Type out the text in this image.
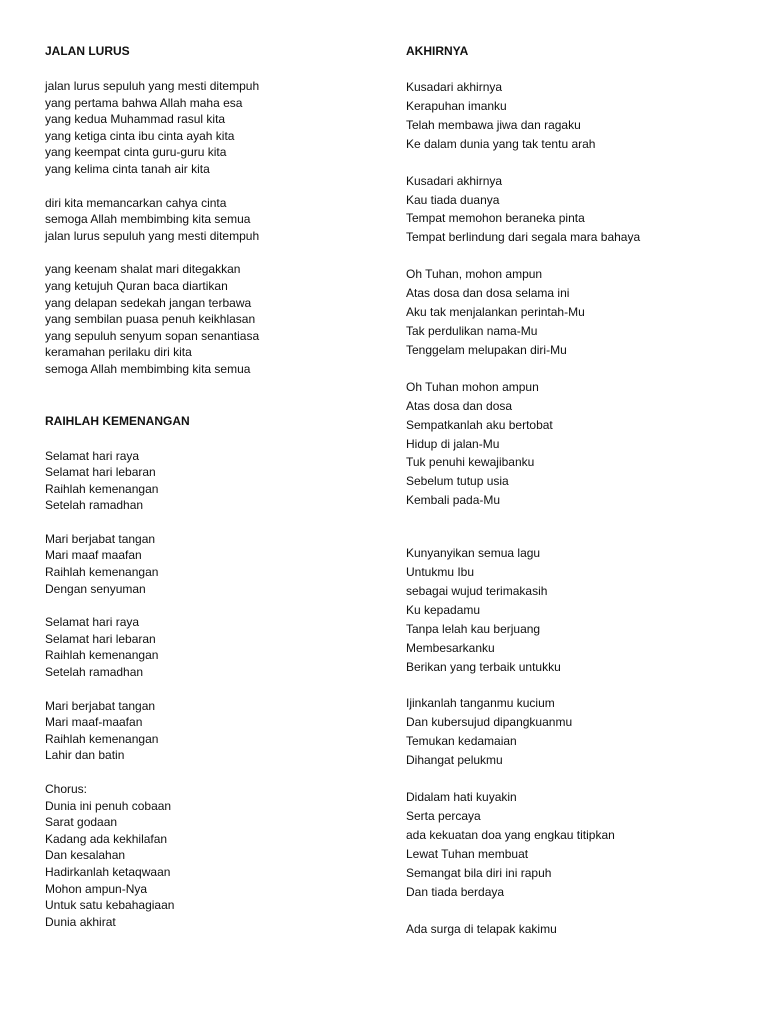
JALAN LURUS
jalan lurus sepuluh yang mesti ditempuh
yang pertama bahwa Allah maha esa
yang kedua Muhammad rasul kita
yang ketiga cinta ibu cinta ayah kita
yang keempat cinta guru-guru kita
yang kelima cinta tanah air kita
diri kita memancarkan cahya cinta
semoga Allah membimbing kita semua
jalan lurus sepuluh yang mesti ditempuh
yang keenam shalat mari ditegakkan
yang ketujuh Quran baca diartikan
yang delapan sedekah jangan terbawa
yang sembilan puasa penuh keikhlasan
yang sepuluh senyum sopan senantiasa
keramahan perilaku diri kita
semoga Allah membimbing kita semua
RAIHLAH KEMENANGAN
Selamat hari raya
Selamat hari lebaran
Raihlah kemenangan
Setelah ramadhan
Mari berjabat tangan
Mari maaf maafan
Raihlah kemenangan
Dengan senyuman
Selamat hari raya
Selamat hari lebaran
Raihlah kemenangan
Setelah ramadhan
Mari berjabat tangan
Mari maaf-maafan
Raihlah kemenangan
Lahir dan batin
Chorus:
Dunia ini penuh cobaan
Sarat godaan
Kadang ada kekhilafan
Dan kesalahan
Hadirkanlah ketaqwaan
Mohon ampun-Nya
Untuk satu kebahagiaan
Dunia akhirat
AKHIRNYA
Kusadari akhirnya
Kerapuhan imanku
Telah membawa jiwa dan ragaku
Ke dalam dunia yang tak tentu arah
Kusadari akhirnya
Kau tiada duanya
Tempat memohon beraneka pinta
Tempat berlindung dari segala mara bahaya
Oh Tuhan, mohon ampun
Atas dosa dan dosa selama ini
Aku tak menjalankan perintah-Mu
Tak perdulikan nama-Mu
Tenggelam melupakan diri-Mu
Oh Tuhan mohon ampun
Atas dosa dan dosa
Sempatkanlah aku bertobat
Hidup di jalan-Mu
Tuk penuhi kewajibanku
Sebelum tutup usia
Kembali pada-Mu
Kunyanyikan semua lagu
Untukmu Ibu
sebagai wujud terimakasih
Ku kepadamu
Tanpa lelah kau berjuang
Membesarkanku
Berikan yang terbaik untukku
Ijinkanlah tanganmu kucium
Dan kubersujud dipangkuanmu
Temukan kedamaian
Dihangat pelukmu
Didalam hati kuyakin
Serta percaya
ada kekuatan doa yang engkau titipkan
Lewat Tuhan membuat
Semangat bila diri ini rapuh
Dan tiada berdaya
Ada surga di telapak kakimu
